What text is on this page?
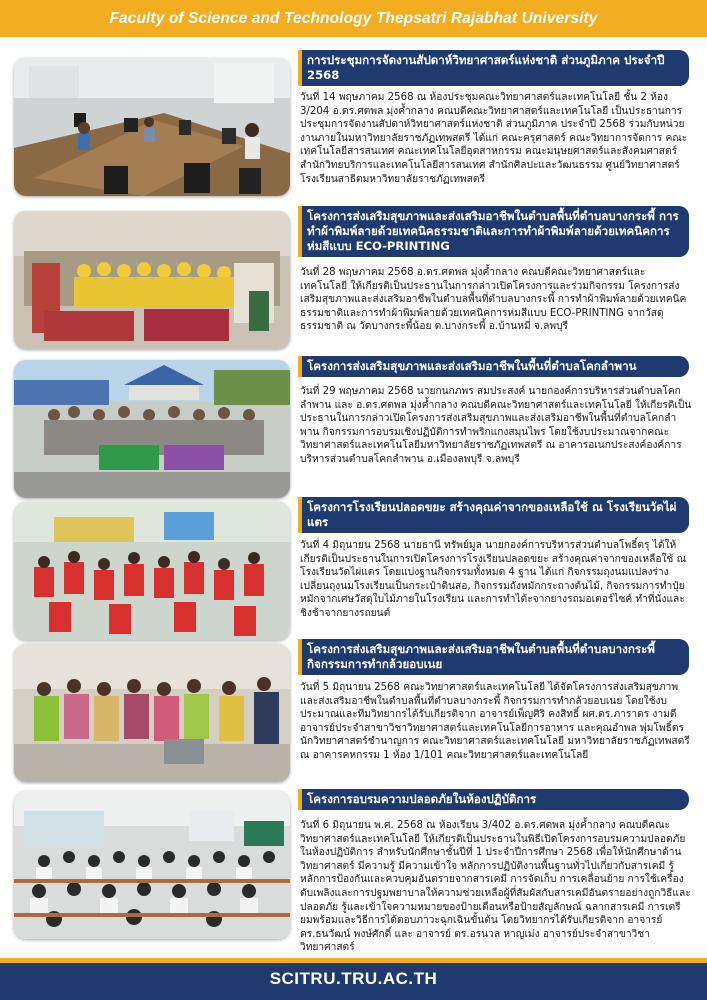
Faculty of Science and Technology Thepsatri Rajabhat University
การประชุมการจัดงานสัปดาห์วิทยาศาสตร์แห่งชาติ ส่วนภูมิภาค ประจำปี 2568
วันที่ 14 พฤษภาคม 2568 ณ ห้องประชุมคณะวิทยาศาสตร์และเทคโนโลยี ชั้น 2 ห้อง 3/204 อ.ดร.ศตพล มุ่งค้ำกลาง คณบดีคณะวิทยาศาสตร์และเทคโนโลยี เป็นประธานการประชุมการจัดงานสัปดาห์วิทยาศาสตร์แห่งชาติ ส่วนภูมิภาค ประจำปี 2568 ร่วมกับหน่วยงานภายในมหาวิทยาลัยราชภัฏเทพสตรี ได้แก่ คณะครุศาสตร์ คณะวิทยาการจัดการ คณะเทคโนโลยีสารสนเทศ คณะเทคโนโลยีอุตสาหกรรม คณะมนุษยศาสตร์และสังคมศาสตร์ สำนักวิทยบริการและเทคโนโลยีสารสนเทศ สำนักศิลปะและวัฒนธรรม ศูนย์วิทยาศาสตร์ โรงเรียนสาธิตมหาวิทยาลัยราชภัฏเทพสตรี
โครงการส่งเสริมสุขภาพและส่งเสริมอาชีพในตำบลพื้นที่ตำบลบางกระพี้ การทำผ้าพิมพ์ลายด้วยเทคนิคธรรมชาติและการทำผ้าพิมพ์ลายด้วยเทคนิคการห่มสีแบบ ECO-PRINTING
วันที่ 28 พฤษภาคม 2568 อ.ดร.ศตพล มุ่งค้ำกลาง คณบดีคณะวิทยาศาสตร์และเทคโนโลยี ให้เกียรติเป็นประธานในการกล่าวเปิดโครงการและร่วมกิจกรรม โครงการส่งเสริมสุขภาพและส่งเสริมอาชีพในตำบลพื้นที่ตำบลบางกระพี้ การทำผ้าพิมพ์ลายด้วยเทคนิคธรรมชาติและการทำผ้าพิมพ์ลายด้วยเทคนิคการห่มสีแบบ ECO-PRINTING จากวัสดุธรรมชาติ ณ วัดบางกระพี้น้อย ต.บางกระพี้ อ.บ้านหมี่ จ.ลพบุรี
โครงการส่งเสริมสุขภาพและส่งเสริมอาชีพในพื้นที่ตำบลโคกลำพาน
วันที่ 29 พฤษภาคม 2568 นายกนกภพร สมประสงค์ นายกองค์การบริหารส่วนตำบลโคกลำพาน และ อ.ดร.ศตพล มุ่งค้ำกลาง คณบดีคณะวิทยาศาสตร์และเทคโนโลยี ให้เกียรติเป็นประธานในการกล่าวเปิดโครงการส่งเสริมสุขภาพและส่งเสริมอาชีพในพื้นที่ตำบลโคกลำพาน กิจกรรมการอบรมเชิงปฏิบัติการทำพริกแกงสมุนไพร โดยใช้งบประมาณจากคณะวิทยาศาสตร์และเทคโนโลยีมหาวิทยาลัยราชภัฏเทพสตรี ณ อาคารอเนกประสงค์องค์การบริหารส่วนตำบลโคกลำพาน อ.เมืองลพบุรี จ.ลพบุรี
โครงการโรงเรียนปลอดขยะ สร้างคุณค่าจากของเหลือใช้ ณ โรงเรียนวัดไผ่แตร
วันที่ 4 มิถุนายน 2568 นายธานี ทรัพย์มูล นายกองค์การบริหารส่วนตำบลโพธิ์ตรุ ได้ให้เกียรติเป็นประธานในการเปิดโครงการโรงเรียนปลอดขยะ สร้างคุณค่าจากของเหลือใช้ ณ โรงเรียนวัดไผ่แตร โดยแบ่งฐานกิจกรรมทั้งหมด 4 ฐาน ได้แก่ กิจกรรมถุงนมแปลงร่าง เปลี่ยนถุงนมโรงเรียนเป็นกระเป๋าดินสอ, กิจกรรมถังหมักกระถางต้นไม้, กิจกรรมการทำปุ๋ยหมักจากเศษวัสดุใบไม้ภายในโรงเรียน และการทำไต้ะจากยางรถมอเตอร์ไซค์ ทำที่นั่งและชิงช้าจากยางรถยนต์
โครงการส่งเสริมสุขภาพและส่งเสริมอาชีพในตำบลพื้นที่ตำบลบางกระพี้ กิจกรรมการทำกล้วยอบเนย
วันที่ 5 มิถุนายน 2568 คณะวิทยาศาสตร์และเทคโนโลยี ได้จัดโครงการส่งเสริมสุขภาพและส่งเสริมอาชีพในตำบลพื้นที่ตำบลบางกระพี้ กิจกรรมการทำกล้วยอบเนย โดยใช้งบประมาณและทีมวิทยากรได้รับเกียรติจาก อาจารย์เพ็ญศิริ คงสิทธิ์ ผศ.ดร.ภาราดร งามดี อาจารย์ประจำสาขาวิชาวิทยาศาสตร์และเทคโนโลยีการอาหาร และคุณอำพล พุ่มโพธิ์ตร นักวิทยาศาสตร์ชำนาญการ คณะวิทยาศาสตร์และเทคโนโลยี มหาวิทยาลัยราชภัฏเทพสตรี ณ อาคารคหกรรม 1 ห้อง 1/101 คณะวิทยาศาสตร์และเทคโนโลยี
โครงการอบรมความปลอดภัยในห้องปฏิบัติการ
วันที่ 6 มิถุนายน พ.ศ. 2568 ณ ห้องเรียน 3/402 อ.ดร.ศตพล มุ่งค้ำกลาง คณบดีคณะวิทยาศาสตร์และเทคโนโลยี ให้เกียรติเป็นประธานในพิธีเปิดโครงการอบรมความปลอดภัยในห้องปฏิบัติการ สำหรับนักศึกษาชั้นปีที่ 1 ประจำปีการศึกษา 2568 เพื่อให้นักศึกษาด้านวิทยาศาสตร์ มีความรู้ มีความเข้าใจ หลักการปฏิบัติงานพื้นฐานทั่วไปเกี่ยวกับสารเคมี รู้หลักการป้องกันและควบคุมอันตรายจากสารเคมี การจัดเก็บ การเคลื่อนย้าย การใช้เครื่องดับเพลิงและการปฐมพยาบาลให้ความช่วยเหลือผู้ที่สัมผัสกับสารเคมีอันตรายอย่างถูกวิธีและปลอดภัย รู้และเข้าใจความหมายของป้ายเตือนหรือป้ายสัญลักษณ์ ฉลากสารเคมี การเตรียมพร้อมและวิธีการได้ตอบภาวะฉุกเฉินขั้นต้น โดยวิทยากรได้รับเกียรติจาก อาจารย์ ดร.ธนวัฒน์ พงษ์ศักดิ์ และ อาจารย์ ดร.อรนวล หาญเม่ง อาจารย์ประจำสาขาวิชาวิทยาศาสตร์
SCITRU.TRU.AC.TH
